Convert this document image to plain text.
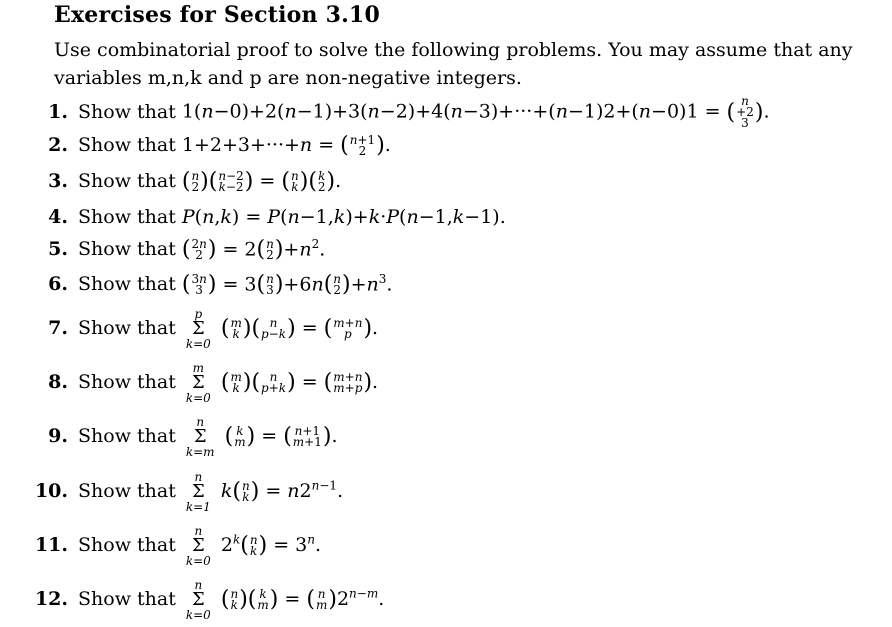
Exercises for Section 3.10
Use combinatorial proof to solve the following problems. You may assume that any variables m,n,k and p are non-negative integers.
1. Show that 1(n−0)+2(n−1)+3(n−2)+4(n−3)+···+(n−1)2+(n−0)1 = ( n
+2
3 ) .
2. Show that 1+2+3+···+n = ( n+1
2 ) .
3. Show that ( n
2 ) ( n−2
k−2 ) = ( n
k ) ( k
2 ) .
4. Show that P(n,k) = P(n−1,k)+k·P(n−1,k−1).
5. Show that ( 2n
2 ) = 2 ( n
2 ) $+n^2$.
6. Show that ( 3n
3 ) = 3 ( n
3 ) +6n ( n
2 ) $+n^3$.
7. Show that
p
Σ
k=0

( m
k ) ( n
p−k ) = ( m+n
p ) .
8. Show that
m
Σ
k=0

( m
k ) ( n
p+k ) = ( m+n
m+p ) .
9. Show that
n
Σ
k=m

( k
m ) = ( n+1
m+1 ) .
10. Show that
n
Σ
k=1
k ( n
k ) = $n2^{n-1}$.
11. Show that
n
Σ
k=0
2$^k$ ( n
k ) = $3^n$.
12. Show that
n
Σ
k=0

( n
k ) ( k
m ) = ( n
m ) $2^{n-m}$.
